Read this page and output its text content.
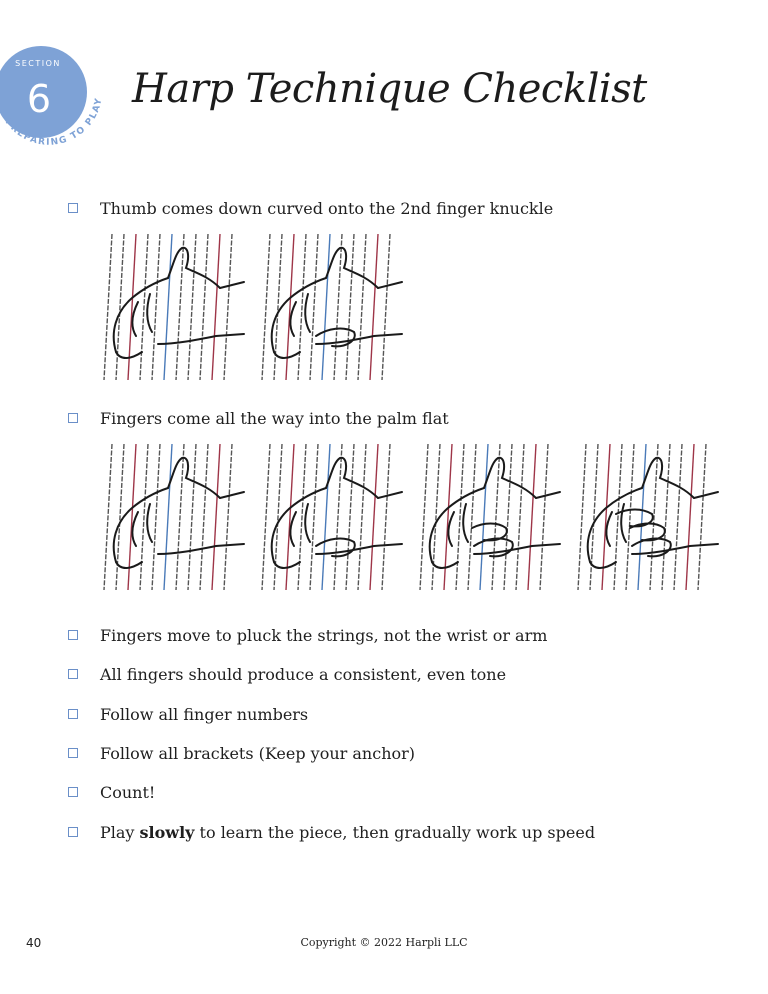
SECTION
6
PREPARING TO PLAY Harp Technique Checklist
Thumb comes down curved onto the 2nd finger knuckle
Fingers come all the way into the palm flat
Fingers move to pluck the strings, not the wrist or arm
All fingers should produce a consistent, even tone
Follow all finger numbers
Follow all brackets (Keep your anchor)
Count!
Play slowly to learn the piece, then gradually work up speed
40	Copyright © 2022 Harpli LLC
